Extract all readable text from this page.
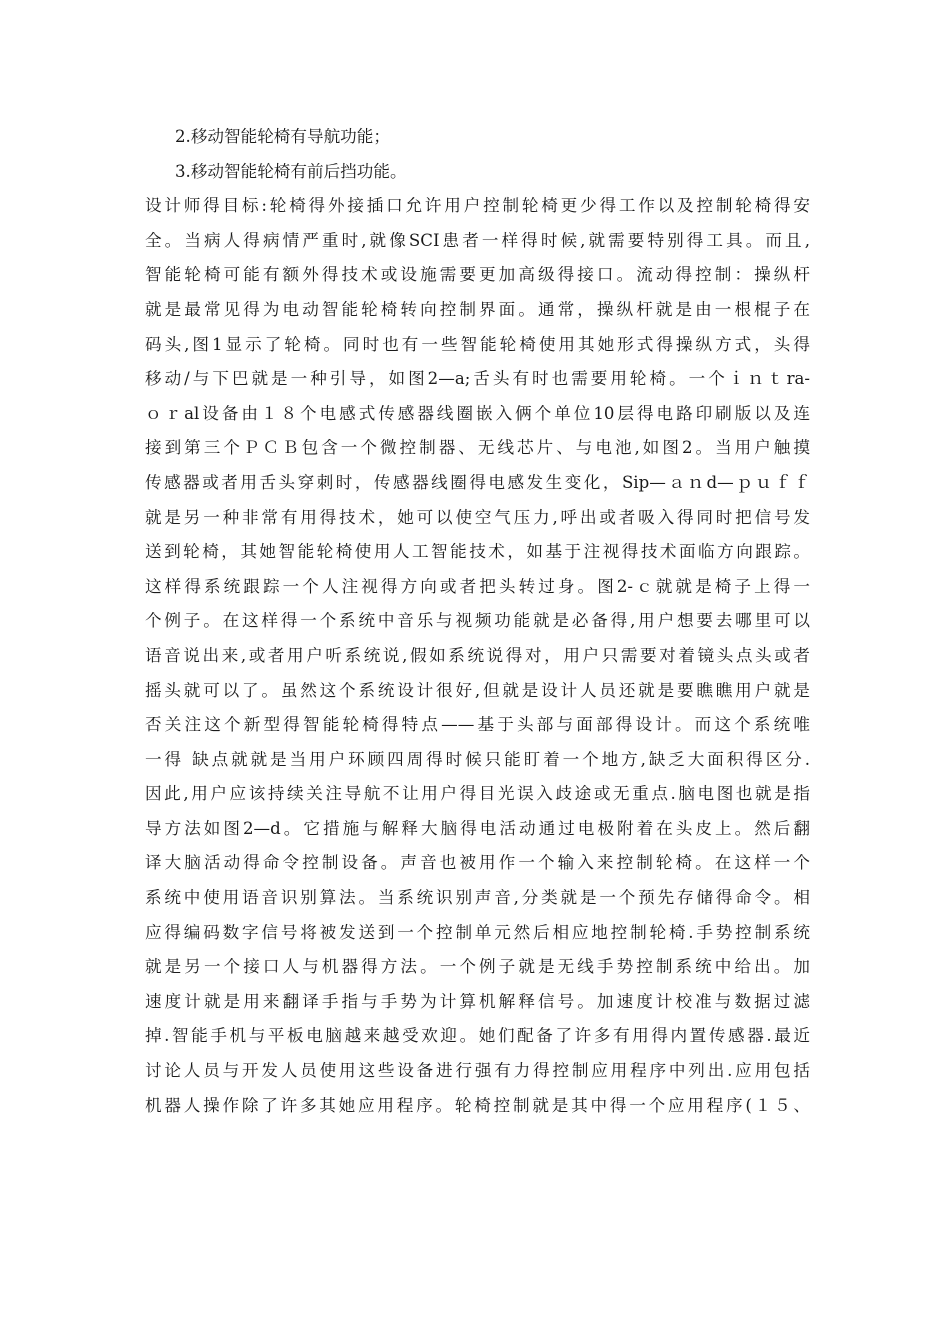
2.移动智能轮椅有导航功能；
3.移动智能轮椅有前后挡功能。
设计师得目标:轮椅得外接插口允许用户控制轮椅更少得工作以及控制轮椅得安
全。当病人得病情严重时,就像SCI患者一样得时候,就需要特别得工具。而且,
智能轮椅可能有额外得技术或设施需要更加高级得接口。流动得控制：操纵杆
就是最常见得为电动智能轮椅转向控制界面。通常，操纵杆就是由一根棍子在
码头,图1显示了轮椅。同时也有一些智能轮椅使用其她形式得操纵方式，头得
移动/与下巴就是一种引导，如图2—a;舌头有时也需要用轮椅。一个ｉｎｔra-
ｏｒal设备由１８个电感式传感器线圈嵌入俩个单位10层得电路印刷版以及连
接到第三个ＰＣＢ包含一个微控制器、无线芯片、与电池,如图2。当用户触摸
传感器或者用舌头穿刺时，传感器线圈得电感发生变化，Sip—ａｎd—ｐｕｆｆ
就是另一种非常有用得技术，她可以使空气压力,呼出或者吸入得同时把信号发
送到轮椅，其她智能轮椅使用人工智能技术，如基于注视得技术面临方向跟踪。
这样得系统跟踪一个人注视得方向或者把头转过身。图2-ｃ就就是椅子上得一
个例子。在这样得一个系统中音乐与视频功能就是必备得,用户想要去哪里可以
语音说出来,或者用户听系统说,假如系统说得对，用户只需要对着镜头点头或者
摇头就可以了。虽然这个系统设计很好,但就是设计人员还就是要瞧瞧用户就是
否关注这个新型得智能轮椅得特点——基于头部与面部得设计。而这个系统唯
一得 缺点就就是当用户环顾四周得时候只能盯着一个地方,缺乏大面积得区分.
因此,用户应该持续关注导航不让用户得目光误入歧途或无重点.脑电图也就是指
导方法如图2—d。它措施与解释大脑得电活动通过电极附着在头皮上。然后翻
译大脑活动得命令控制设备。声音也被用作一个输入来控制轮椅。在这样一个
系统中使用语音识别算法。当系统识别声音,分类就是一个预先存储得命令。相
应得编码数字信号将被发送到一个控制单元然后相应地控制轮椅.手势控制系统
就是另一个接口人与机器得方法。一个例子就是无线手势控制系统中给出。加
速度计就是用来翻译手指与手势为计算机解释信号。加速度计校准与数据过滤
掉.智能手机与平板电脑越来越受欢迎。她们配备了许多有用得内置传感器.最近
讨论人员与开发人员使用这些设备进行强有力得控制应用程序中列出.应用包括
机器人操作除了许多其她应用程序。轮椅控制就是其中得一个应用程序(１５、
